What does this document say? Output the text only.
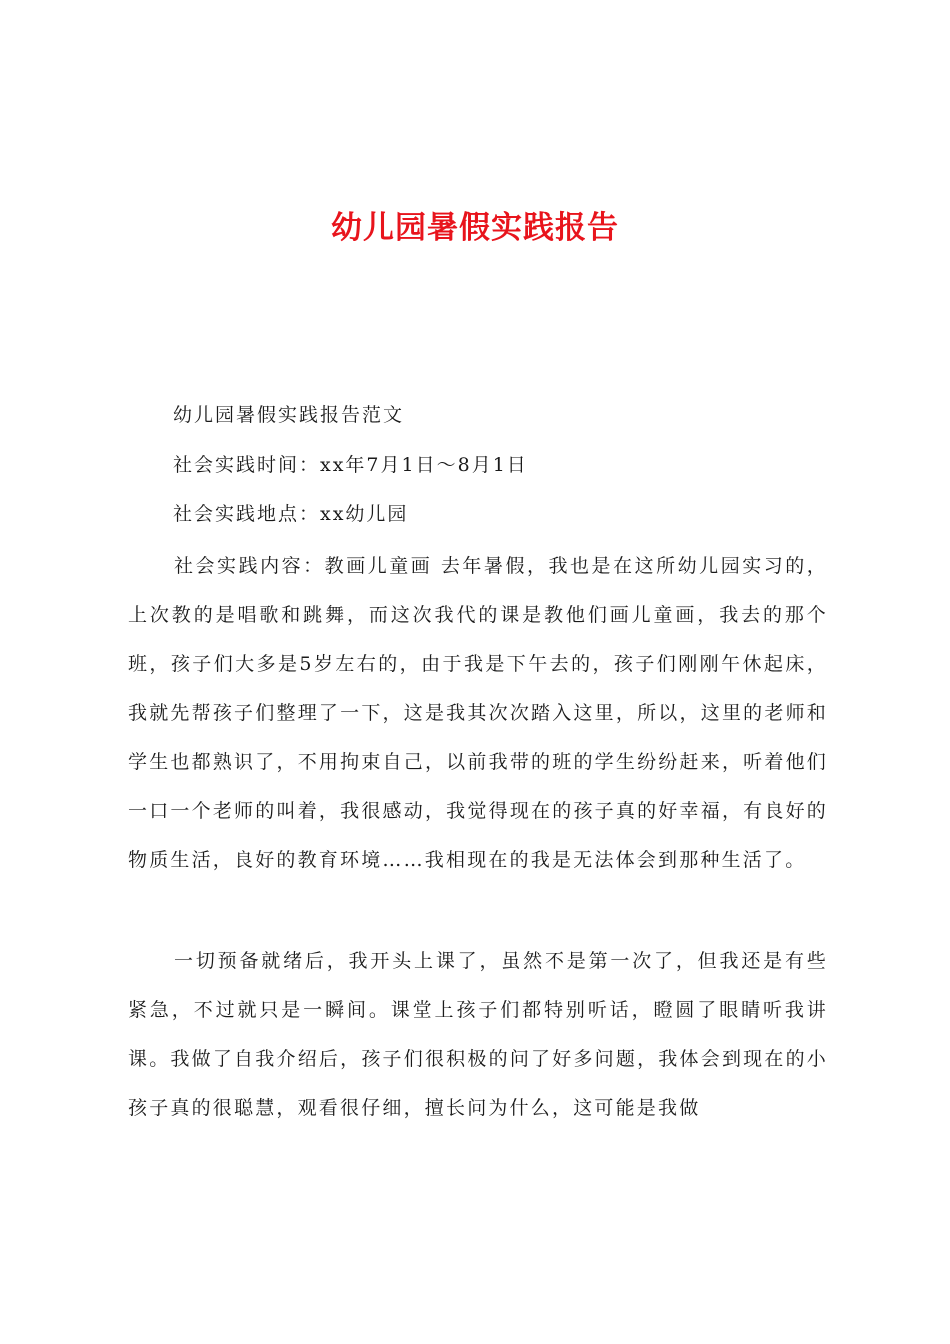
幼儿园暑假实践报告
幼儿园暑假实践报告范文
社会实践时间：xx年7月1日～8月1日
社会实践地点：xx幼儿园

社会实践内容：教画儿童画 去年暑假，我也是在这所幼儿园实习的，上次教的是唱歌和跳舞，而这次我代的课是教他们画儿童画，我去的那个班，孩子们大多是5岁左右的，由于我是下午去的，孩子们刚刚午休起床，我就先帮孩子们整理了一下，这是我其次次踏入这里，所以，这里的老师和学生也都熟识了，不用拘束自己，以前我带的班的学生纷纷赶来，听着他们一口一个老师的叫着，我很感动，我觉得现在的孩子真的好幸福，有良好的物质生活，良好的教育环境……我相现在的我是无法体会到那种生活了。

一切预备就绪后，我开头上课了，虽然不是第一次了，但我还是有些紧急，不过就只是一瞬间。课堂上孩子们都特别听话，瞪圆了眼睛听我讲课。我做了自我介绍后，孩子们很积极的问了好多问题，我体会到现在的小孩子真的很聪慧，观看很仔细，擅长问为什么，这可能是我做
